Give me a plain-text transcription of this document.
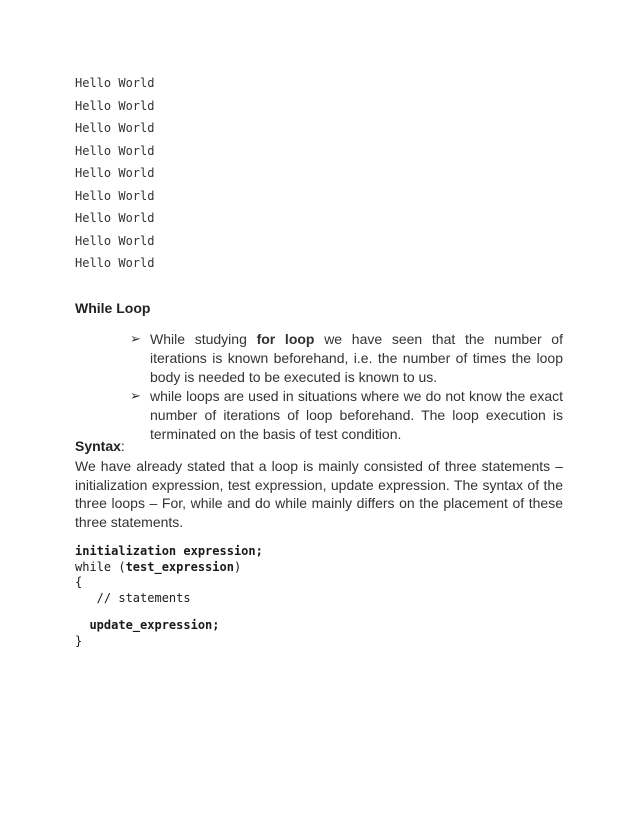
Hello World
Hello World
Hello World
Hello World
Hello World
Hello World
Hello World
Hello World
Hello World
While Loop
➢ While studying for loop we have seen that the number of iterations is known beforehand, i.e. the number of times the loop body is needed to be executed is known to us.
➢ while loops are used in situations where we do not know the exact number of iterations of loop beforehand. The loop execution is terminated on the basis of test condition.
Syntax:
We have already stated that a loop is mainly consisted of three statements – initialization expression, test expression, update expression. The syntax of the three loops – For, while and do while mainly differs on the placement of these three statements.
initialization expression;
while (test_expression)
{
// statements
update_expression;
}
